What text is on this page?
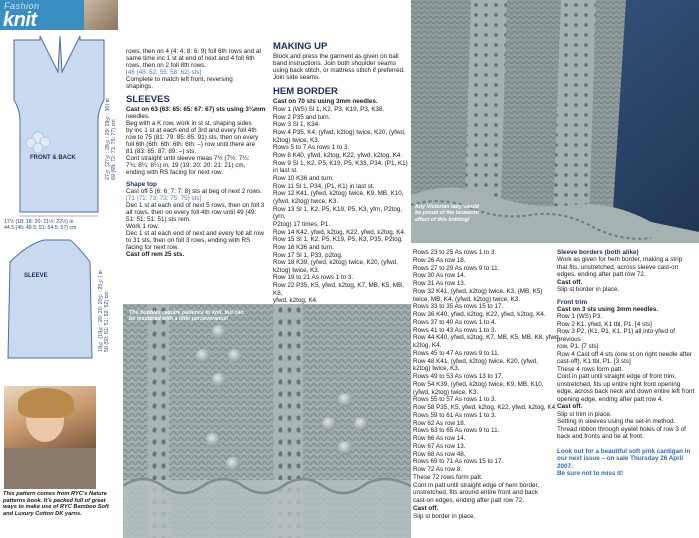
Fashion
knit
FRONT & BACK
17½ (18: 18: 20: 21½: 22½) in
44.5 (46: 48.5: 51: 54.5: 57) cm
27½ (27½: 28½: 29: 29½: 30) in
69 (69: 72: 73: 75: 77) cm
SLEEVE	19¾ (19¾: 20: 20: 20½: 20½) in
50 (50: 51: 51: 52: 52) cm
This pattern comes from RYC's Nature patterns book. It's packed full of great ways to make use of RYC Bamboo Soft and Luxury Cotton DK yarns.

rows, then on 4 (4: 4: 8: 6: 9) foll 6th rows and at

same time inc 1 st at end of next and 4 foll 6th

rows, then on 2 foll 8th rows.

[46 (48: 52: 55: 58: 62) sts]

Complete to match left front, reversing

shapings.

SLEEVES

Cast on 63 (63: 65: 65: 67: 67) sts using 3¼mm

needles.

Beg with a K row, work in st st, shaping sides

by inc 1 st at each end of 3rd and every foll 4th

row to 75 (81: 79: 85: 85: 91) sts, then on every

foll 6th (6th: 6th: 6th: 6th: –) row until there are

81 (83: 85: 87: 89: –) sts.

Cont straight until sleeve meas 7½ (7½: 7¼:

7¾: 8¼: 8¼) in, 19 (19: 20: 20: 21: 21) cm,

ending with RS facing for next row.

Shape top

Cast off 5 (6: 6: 7: 7: 8) sts at beg of next 2 rows.

[71 (71: 73: 73: 75: 75) sts]

Dec 1 st at each end of next 5 rows, then on foll 3

alt rows, then on every foll 4th row until 49 (49:

51: 51: 51: 51) sts rem.

Work 1 row.

Dec 1 st at each end of next and every foll alt row

to 31 sts, then on foll 3 rows, ending with RS

facing for next row.

Cast off rem 25 sts.

MAKING UP

Block and press the garment as given on ball

band instructions. Join both shoulder seams

using back stitch, or mattress stitch if preferred.

Join side seams.

HEM BORDER

Cast on 70 sts using 3mm needles.

Row 1 (WS) Sl 1, K2, P3, K19, P3, K38.

Row 2 P35 and turn.

Row 3 Sl 1, K34.

Row 4 P35, K4, (yfwd, k2tog) twice, K20, (yfwd,

k2tog) twice, K3.

Rows 5 to 7 As rows 1 to 3.

Row 8 K40, yfwd, k2tog, K22, yfwd, k2tog, K4.

Row 9 Sl 1, K2, P5, K19, P5, K33, P34, (P1, K1) in last st.

Row 10 K36 and turn.

Row 11 Sl 1, P34, (P1, K1) in last st.

Row 12 K41, (yfwd, k2tog) twice, K9, MB, K10,

(yfwd, k2tog) twice, K3.

Row 13 Sl 1, K2, P5, K19, P5, K3, yfrn, P2tog, (yrn,

P2tog) 17 times, P1.

Row 14 K42, yfwd, k2tog, K22, yfwd, k2tog, K4.

Row 15 Sl 1, K2, P5, K19, P5, K3, P35, P2tog.

Row 16 K36 and turn.

Row 17 Sl 1, P33, p2tog.

Row 18 K39, (yfwd, k2tog) twice, K20, (yfwd,

k2tog) twice, K3.

Row 19 to 21 As rows 1 to 3.

Row 22 P35, K5, yfwd, k2tog, K7, MB, K5, MB, K8,

yfwd, k2tog, K4.

Any Victorian lady would be proud of the lacework effect of this knitting!
The bobbles require patience to knit, but can be mastered with a little perseverance!

Rows 23 to 25 As rows 1 to 3.

Row 26 As row 18.

Rows 27 to 29 As rows 9 to 11.

Row 30 As row 14.

Row 31 As row 13.

Row 32 K41, (yfwd, k2tog) twice, K3, (MB, K5)

twice, MB, K4, (yfwd, k2tog) twice, K3.

Rows 33 to 35 As rows 15 to 17.

Row 36 K40, yfwd, k2tog, K22, yfwd, k2tog, K4.

Rows 37 to 40 As rows 1 to 4.

Rows 41 to 43 As rows 1 to 3.

Row 44 K40, yfwd, k2tog, K7, MB, K5, MB, K8, yfwd,

k2tog, K4.

Rows 45 to 47 As rows 9 to 11.

Row 48 K41, (yfwd, k2tog) twice, K20, (yfwd,

k2tog) twice, K3.

Rows 49 to 53 As rows 13 to 17.

Row 54 K39, (yfwd, k2tog) twice, K9, MB, K10,

(yfwd, k2tog) twice, K3.

Rows 55 to 57 As rows 1 to 3.

Row 58 P35, K5, yfwd, k2tog, K22, yfwd, k2tog, K4.

Rows 59 to 61 As rows 1 to 3.

Row 62 As row 18.

Rows 63 to 65 As rows 9 to 11.

Row 66 As row 14.

Row 67 As row 13.

Row 68 As row 48.

Rows 69 to 71 As rows 15 to 17.

Row 72 As row 8.

These 72 rows form patt.

Cont in patt until straight edge of hem border,

unstretched, fits around entire front and back

cast-on edges, ending after patt row 72.

Cast off.

Slip st border in place.

Sleeve borders (both alike)

Work as given for hem border, making a strip

that fits, unstretched, across sleeve cast-on

edges, ending after patt row 72.

Cast off.

Slip st border in place.

Front trim

Cast on 3 sts using 3mm needles.

Row 1 (WS) P3.

Row 2 K1, yfwd, K1 tbl, P1. [4 sts]

Row 3 P2, (K1, P1, K1, P1) all into yfwd of previous

row, P1. [7 sts]

Row 4 Cast off 4 sts (one st on right needle after

cast-off), K1 tbl, P1. [3 sts]

These 4 rows form patt.

Cont in patt until straight edge of front trim,

unstretched, fits up entire right front opening

edge, across back neck and down entire left front

opening edge, ending after patt row 4.

Cast off.

Slip st trim in place.

Setting in sleeves using the set-in method.

Thread ribbon through eyelet holes of row 3 of

back and fronts and tie at front.

Look out for a beautiful soft pink cardigan in

our next issue – on sale Thursday 26 April 2007.

Be sure not to miss it!
